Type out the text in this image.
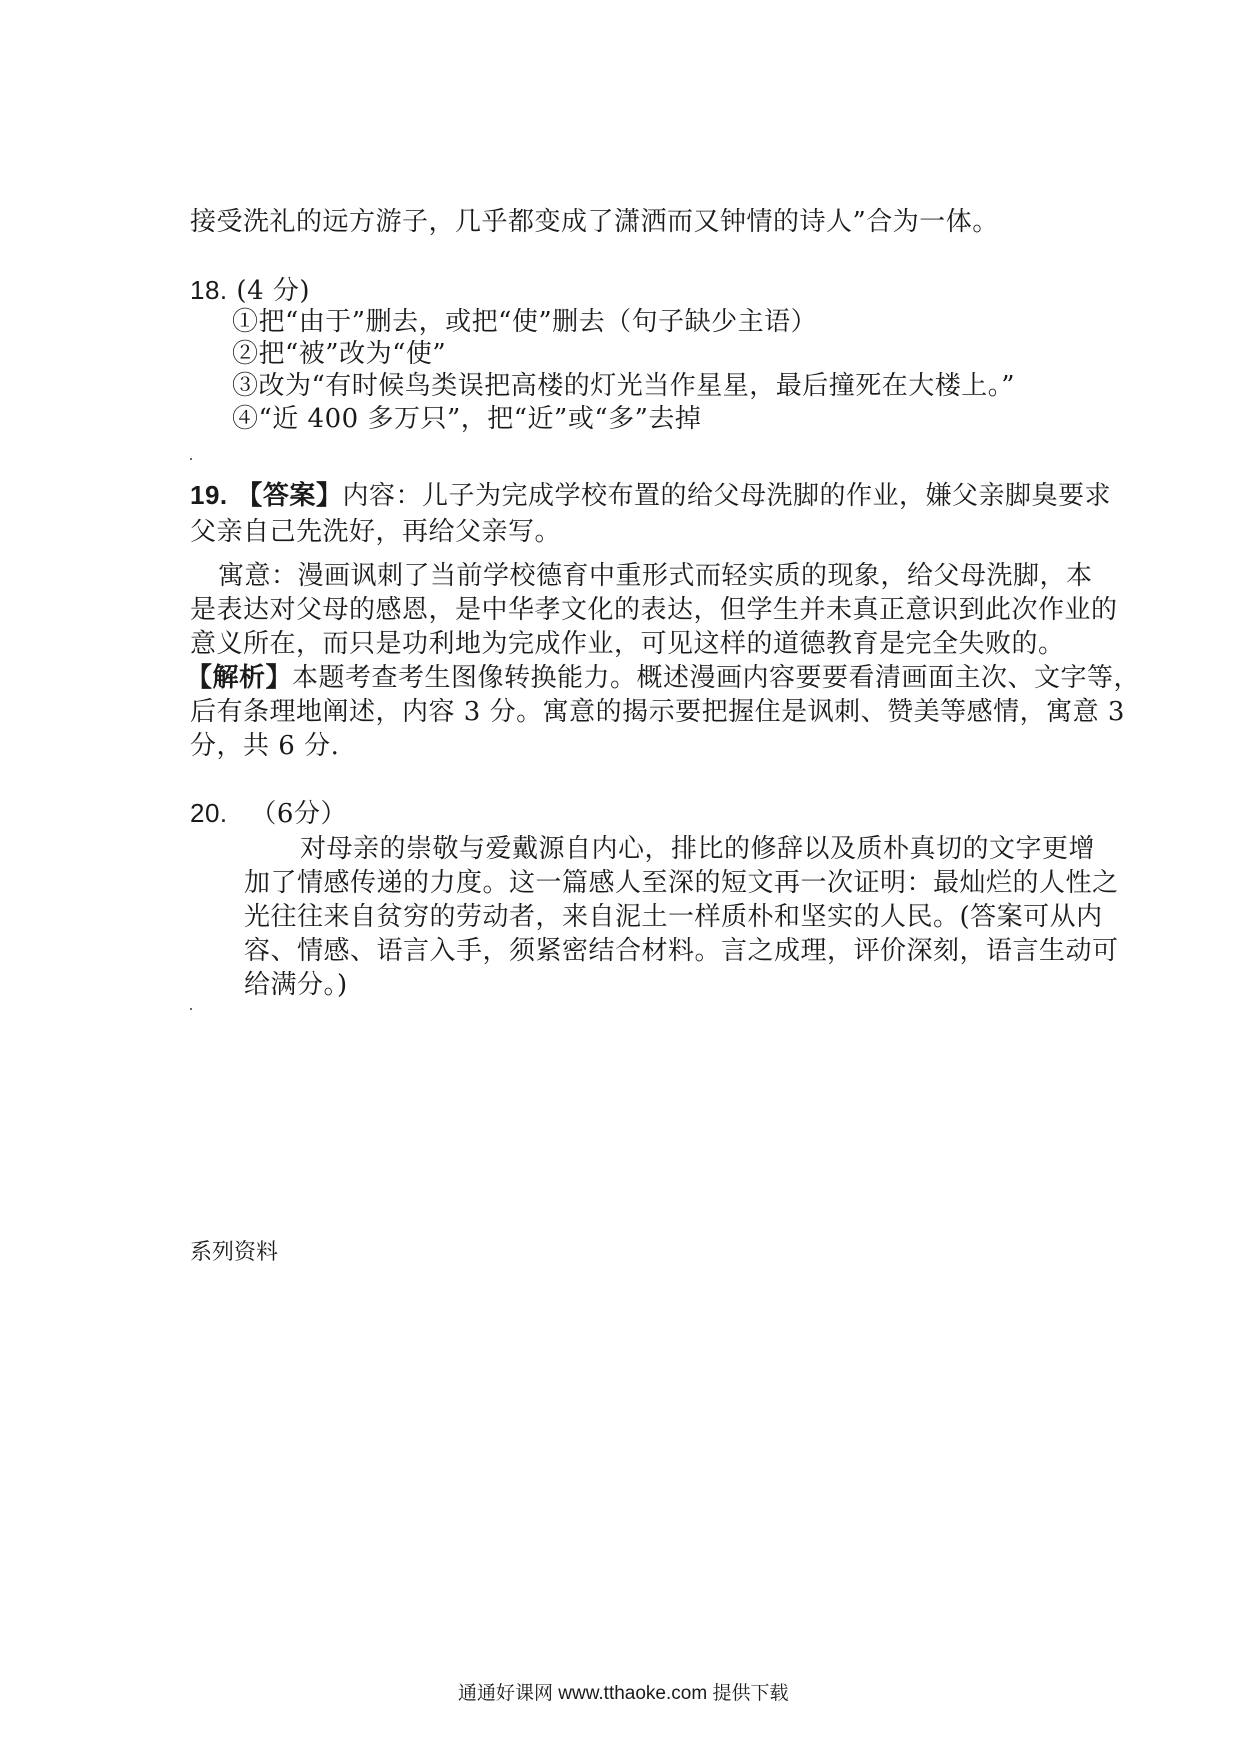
接受洗礼的远方游子，几乎都变成了潇洒而又钟情的诗人”合为一体。
18. (4 分)
①把“由于”删去，或把“使”删去（句子缺少主语）
②把“被”改为“使”
③改为“有时候鸟类误把高楼的灯光当作星星，最后撞死在大楼上。”
④“近 400 多万只”，把“近”或“多”去掉
19. 【答案】内容：儿子为完成学校布置的给父母洗脚的作业，嫌父亲脚臭要求
父亲自己先洗好，再给父亲写。
寓意：漫画讽刺了当前学校德育中重形式而轻实质的现象，给父母洗脚，本
是表达对父母的感恩，是中华孝文化的表达，但学生并未真正意识到此次作业的
意义所在，而只是功利地为完成作业，可见这样的道德教育是完全失败的。
【解析】本题考查考生图像转换能力。概述漫画内容要要看清画面主次、文字等，
后有条理地阐述，内容 3 分。寓意的揭示要把握住是讽刺、赞美等感情，寓意 3
分，共 6 分.
20. （6分）
对母亲的崇敬与爱戴源自内心，排比的修辞以及质朴真切的文字更增
加了情感传递的力度。这一篇感人至深的短文再一次证明：最灿烂的人性之
光往往来自贫穷的劳动者，来自泥土一样质朴和坚实的人民。(答案可从内
容、情感、语言入手，须紧密结合材料。言之成理，评价深刻，语言生动可
给满分。)
系列资料
通通好课网 www.tthaoke.com 提供下载
